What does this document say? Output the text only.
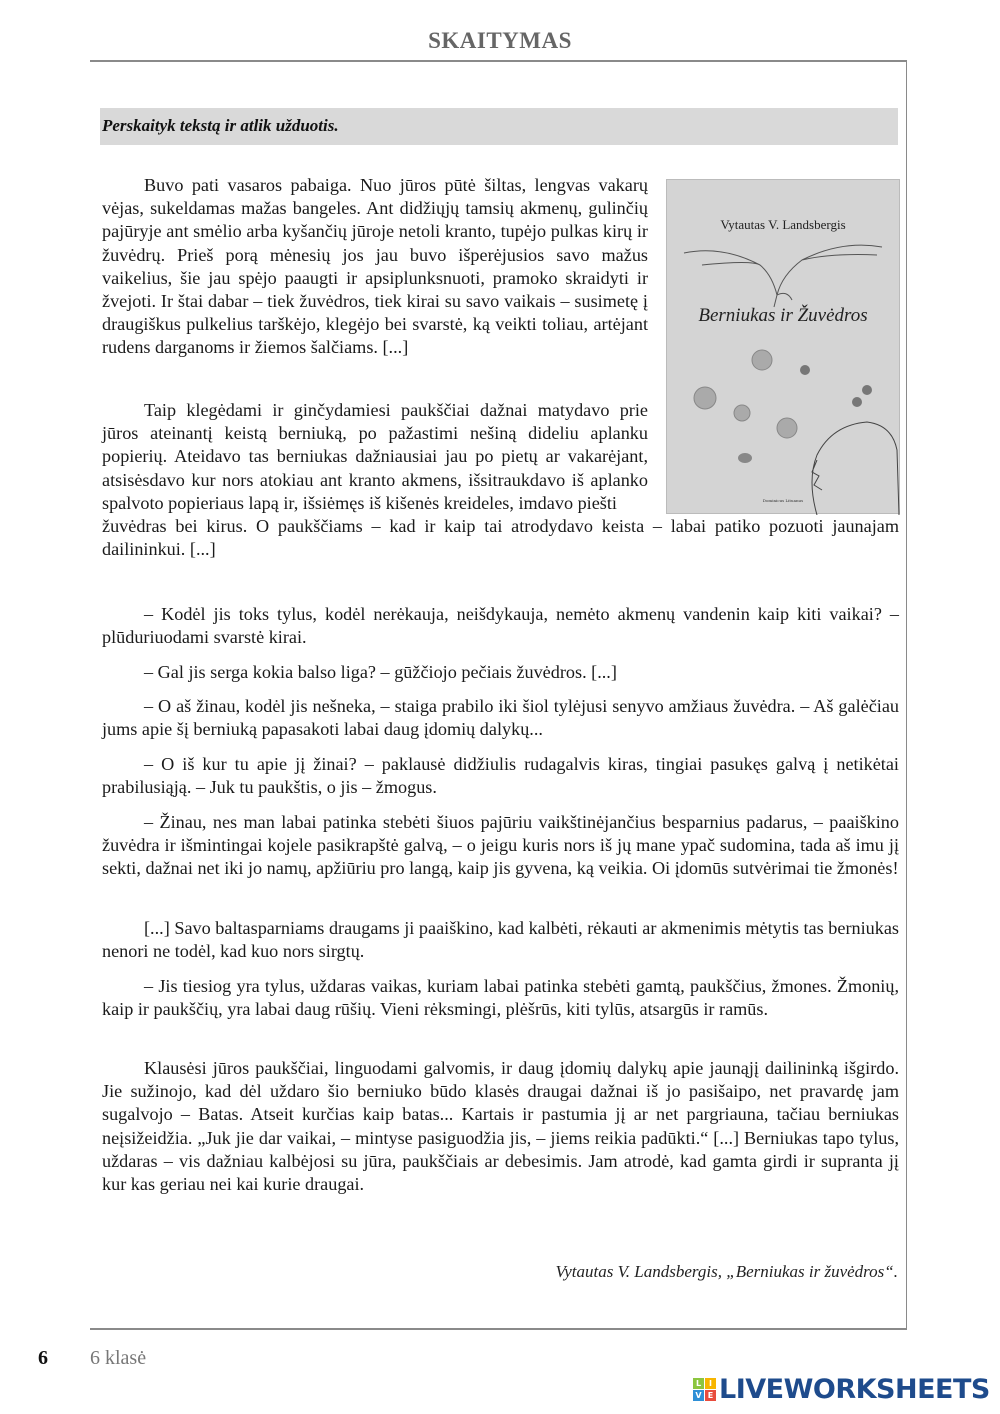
SKAITYMAS
Perskaityk tekstą ir atlik užduotis.
Vytautas V. Landsbergis
Berniukas ir Žuvėdros
Dominicus Lituanus

Buvo pati vasaros pabaiga. Nuo jūros pūtė šiltas, lengvas vakarų vėjas, sukeldamas mažas bangeles. Ant didžiųjų tamsių akmenų, gulinčių pajūryje ant smėlio arba kyšančių jūroje netoli kranto, tupėjo pulkas kirų ir žuvėdrų. Prieš porą mėnesių jos jau buvo išperėjusios savo mažus vaikelius, šie jau spėjo paaugti ir apsiplunksnuoti, pramoko skraidyti ir žvejoti. Ir štai dabar – tiek žuvėdros, tiek kirai su savo vaikais – susimetę į draugiškus pulkelius tarškėjo, klegėjo bei svarstė, ką veikti toliau, artėjant rudens darganoms ir žiemos šalčiams. [...]

Taip klegėdami ir ginčydamiesi paukščiai dažnai matydavo prie jūros ateinantį keistą berniuką, po pažastimi nešiną dideliu aplanku popierių. Ateidavo tas berniukas dažniausiai jau po pietų ar vakarėjant, atsisėsdavo kur nors atokiau ant kranto akmens, išsitraukdavo iš aplanko spalvoto popieriaus lapą ir, išsiėmęs iš kišenės kreideles, imdavo piešti

žuvėdras bei kirus. O paukščiams – kad ir kaip tai atrodydavo keista – labai patiko pozuoti jaunajam dailininkui. [...]

– Kodėl jis toks tylus, kodėl nerėkauja, neišdykauja, nemėto akmenų vandenin kaip kiti vaikai? – plūduriuodami svarstė kirai.

– Gal jis serga kokia balso liga? – gūžčiojo pečiais žuvėdros. [...]

– O aš žinau, kodėl jis nešneka, – staiga prabilo iki šiol tylėjusi senyvo amžiaus žuvėdra. – Aš galėčiau jums apie šį berniuką papasakoti labai daug įdomių dalykų...

– O iš kur tu apie jį žinai? – paklausė didžiulis rudagalvis kiras, tingiai pasukęs galvą į netikėtai prabilusiąją. – Juk tu paukštis, o jis – žmogus.

– Žinau, nes man labai patinka stebėti šiuos pajūriu vaikštinėjančius besparnius padarus, – paaiškino žuvėdra ir išmintingai kojele pasikrapštė galvą, – o jeigu kuris nors iš jų mane ypač sudomina, tada aš imu jį sekti, dažnai net iki jo namų, apžiūriu pro langą, kaip jis gyvena, ką veikia. Oi įdomūs sutvėrimai tie žmonės!

[...] Savo baltasparniams draugams ji paaiškino, kad kalbėti, rėkauti ar akmenimis mėtytis tas berniukas nenori ne todėl, kad kuo nors sirgtų.

– Jis tiesiog yra tylus, uždaras vaikas, kuriam labai patinka stebėti gamtą, paukščius, žmones. Žmonių, kaip ir paukščių, yra labai daug rūšių. Vieni rėksmingi, plėšrūs, kiti tylūs, atsargūs ir ramūs.

Klausėsi jūros paukščiai, linguodami galvomis, ir daug įdomių dalykų apie jaunąjį dailininką išgirdo. Jie sužinojo, kad dėl uždaro šio berniuko būdo klasės draugai dažnai iš jo pasišaipo, net pravardę jam sugalvojo – Batas. Atseit kurčias kaip batas... Kartais ir pastumia jį ar net pargriauna, tačiau berniukas neįsižeidžia. „Juk jie dar vaikai, – mintyse pasiguodžia jis, – jiems reikia padūkti.“ [...] Berniukas tapo tylus, uždaras – vis dažniau kalbėjosi su jūra, paukščiais ar debesimis. Jam atrodė, kad gamta girdi ir supranta jį kur kas geriau nei kai kurie draugai.

Vytautas V. Landsbergis, „Berniukas ir žuvėdros“.
6 6 klasė
L I
V E LIVEWORKSHEETS
